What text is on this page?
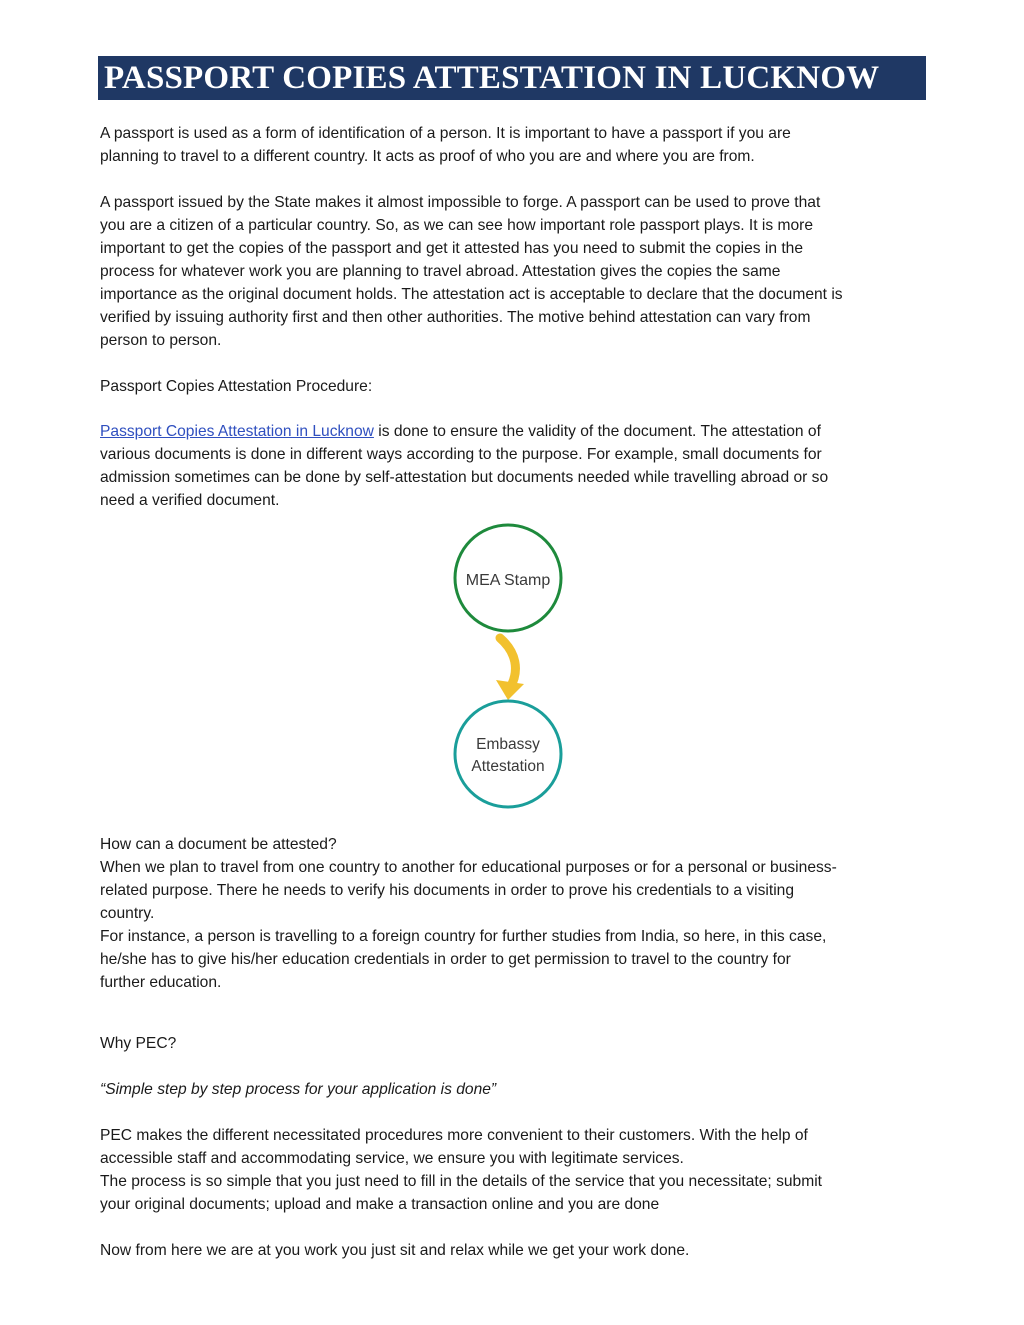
PASSPORT COPIES ATTESTATION IN LUCKNOW

A passport is used as a form of identification of a person. It is important to have a passport if you are
planning to travel to a different country. It acts as proof of who you are and where you are from.

A passport issued by the State makes it almost impossible to forge. A passport can be used to prove that
you are a citizen of a particular country. So, as we can see how important role passport plays. It is more
important to get the copies of the passport and get it attested has you need to submit the copies in the
process for whatever work you are planning to travel abroad. Attestation gives the copies the same
importance as the original document holds. The attestation act is acceptable to declare that the document is
verified by issuing authority first and then other authorities. The motive behind attestation can vary from
person to person.

Passport Copies Attestation Procedure:

Passport Copies Attestation in Lucknow is done to ensure the validity of the document. The attestation of
various documents is done in different ways according to the purpose. For example, small documents for
admission sometimes can be done by self-attestation but documents needed while travelling abroad or so
need a verified document.

MEA Stamp
Embassy
Attestation

How can a document be attested?
When we plan to travel from one country to another for educational purposes or for a personal or business-
related purpose. There he needs to verify his documents in order to prove his credentials to a visiting
country.
For instance, a person is travelling to a foreign country for further studies from India, so here, in this case,
he/she has to give his/her education credentials in order to get permission to travel to the country for
further education.

Why PEC?

“Simple step by step process for your application is done”

PEC makes the different necessitated procedures more convenient to their customers. With the help of
accessible staff and accommodating service, we ensure you with legitimate services.
The process is so simple that you just need to fill in the details of the service that you necessitate; submit
your original documents; upload and make a transaction online and you are done

Now from here we are at you work you just sit and relax while we get your work done.
